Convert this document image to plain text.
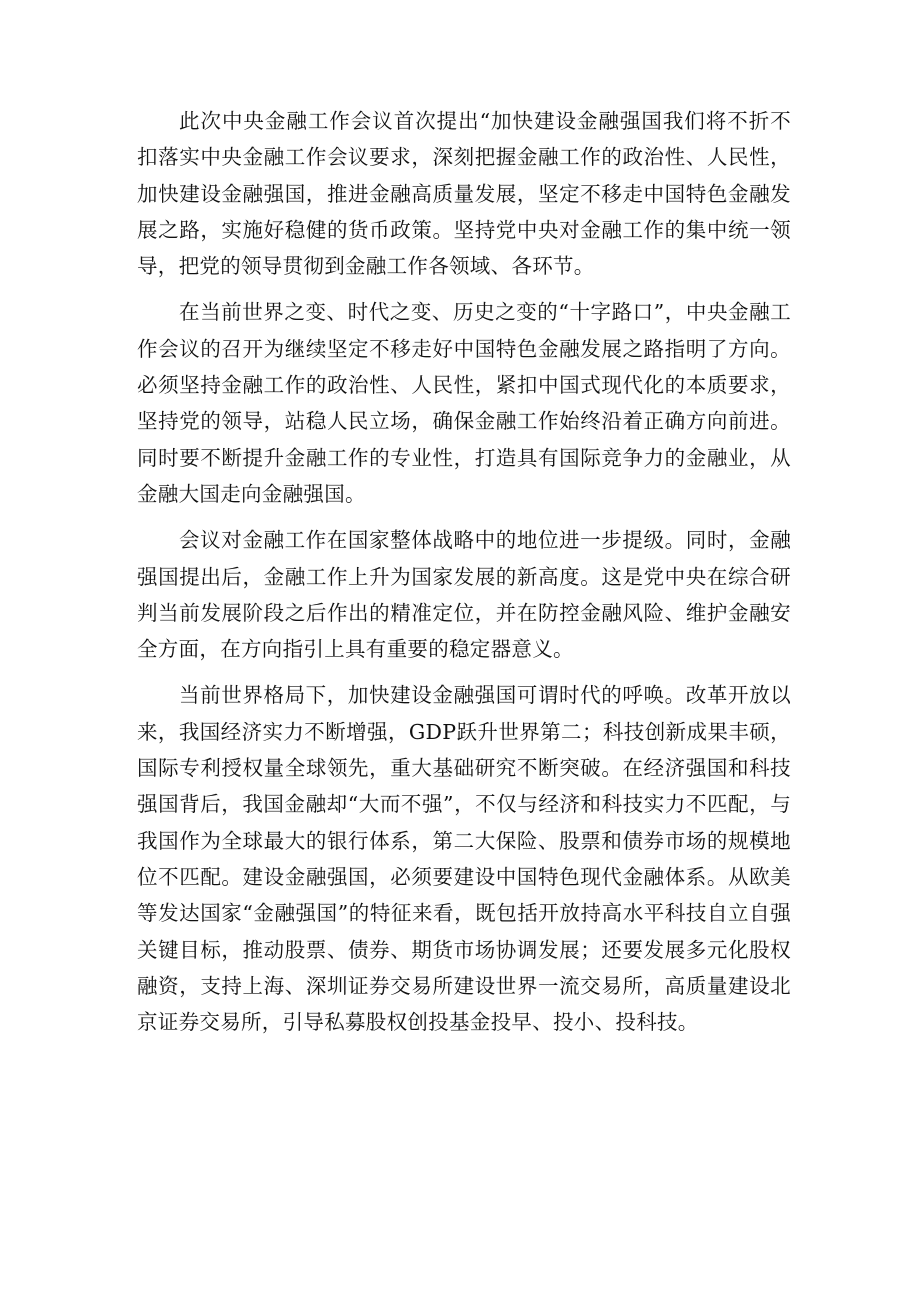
此次中央金融工作会议首次提出“加快建设金融强国我们将不折不扣落实中央金融工作会议要求，深刻把握金融工作的政治性、人民性，加快建设金融强国，推进金融高质量发展，坚定不移走中国特色金融发展之路，实施好稳健的货币政策。坚持党中央对金融工作的集中统一领导，把党的领导贯彻到金融工作各领域、各环节。

在当前世界之变、时代之变、历史之变的“十字路口”，中央金融工作会议的召开为继续坚定不移走好中国特色金融发展之路指明了方向。必须坚持金融工作的政治性、人民性，紧扣中国式现代化的本质要求，坚持党的领导，站稳人民立场，确保金融工作始终沿着正确方向前进。同时要不断提升金融工作的专业性，打造具有国际竞争力的金融业，从金融大国走向金融强国。

会议对金融工作在国家整体战略中的地位进一步提级。同时，金融强国提出后，金融工作上升为国家发展的新高度。这是党中央在综合研判当前发展阶段之后作出的精准定位，并在防控金融风险、维护金融安全方面，在方向指引上具有重要的稳定器意义。

当前世界格局下，加快建设金融强国可谓时代的呼唤。改革开放以来，我国经济实力不断增强，GDP跃升世界第二；科技创新成果丰硕，国际专利授权量全球领先，重大基础研究不断突破。在经济强国和科技强国背后，我国金融却“大而不强”，不仅与经济和科技实力不匹配，与我国作为全球最大的银行体系，第二大保险、股票和债券市场的规模地位不匹配。建设金融强国，必须要建设中国特色现代金融体系。从欧美等发达国家“金融强国”的特征来看，既包括开放持高水平科技自立自强关键目标，推动股票、债券、期货市场协调发展；还要发展多元化股权融资，支持上海、深圳证券交易所建设世界一流交易所，高质量建设北京证券交易所，引导私募股权创投基金投早、投小、投科技。
